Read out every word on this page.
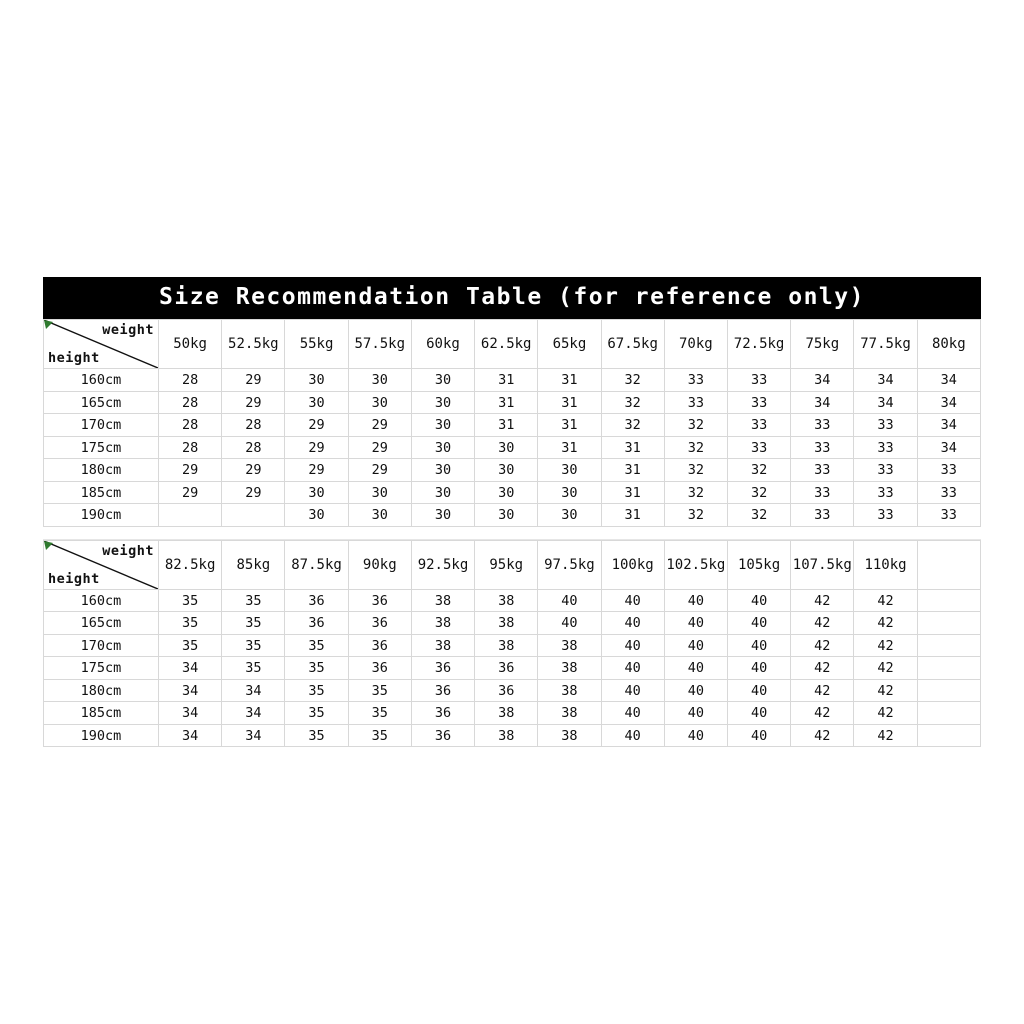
Size Recommendation Table (for reference only)
weight
height	50kg	52.5kg	55kg	57.5kg	60kg	62.5kg	65kg	67.5kg	70kg	72.5kg	75kg	77.5kg	80kg
160cm	28	29	30	30	30	31	31	32	33	33	34	34	34
165cm	28	29	30	30	30	31	31	32	33	33	34	34	34
170cm	28	28	29	29	30	31	31	32	32	33	33	33	34
175cm	28	28	29	29	30	30	31	31	32	33	33	33	34
180cm	29	29	29	29	30	30	30	31	32	32	33	33	33
185cm	29	29	30	30	30	30	30	31	32	32	33	33	33
190cm			30	30	30	30	30	31	32	32	33	33	33

weight
height	82.5kg	85kg	87.5kg	90kg	92.5kg	95kg	97.5kg	100kg	102.5kg	105kg	107.5kg	110kg	
160cm	35	35	36	36	38	38	40	40	40	40	42	42	
165cm	35	35	36	36	38	38	40	40	40	40	42	42	
170cm	35	35	35	36	38	38	38	40	40	40	42	42	
175cm	34	35	35	36	36	36	38	40	40	40	42	42	
180cm	34	34	35	35	36	36	38	40	40	40	42	42	
185cm	34	34	35	35	36	38	38	40	40	40	42	42	
190cm	34	34	35	35	36	38	38	40	40	40	42	42	
